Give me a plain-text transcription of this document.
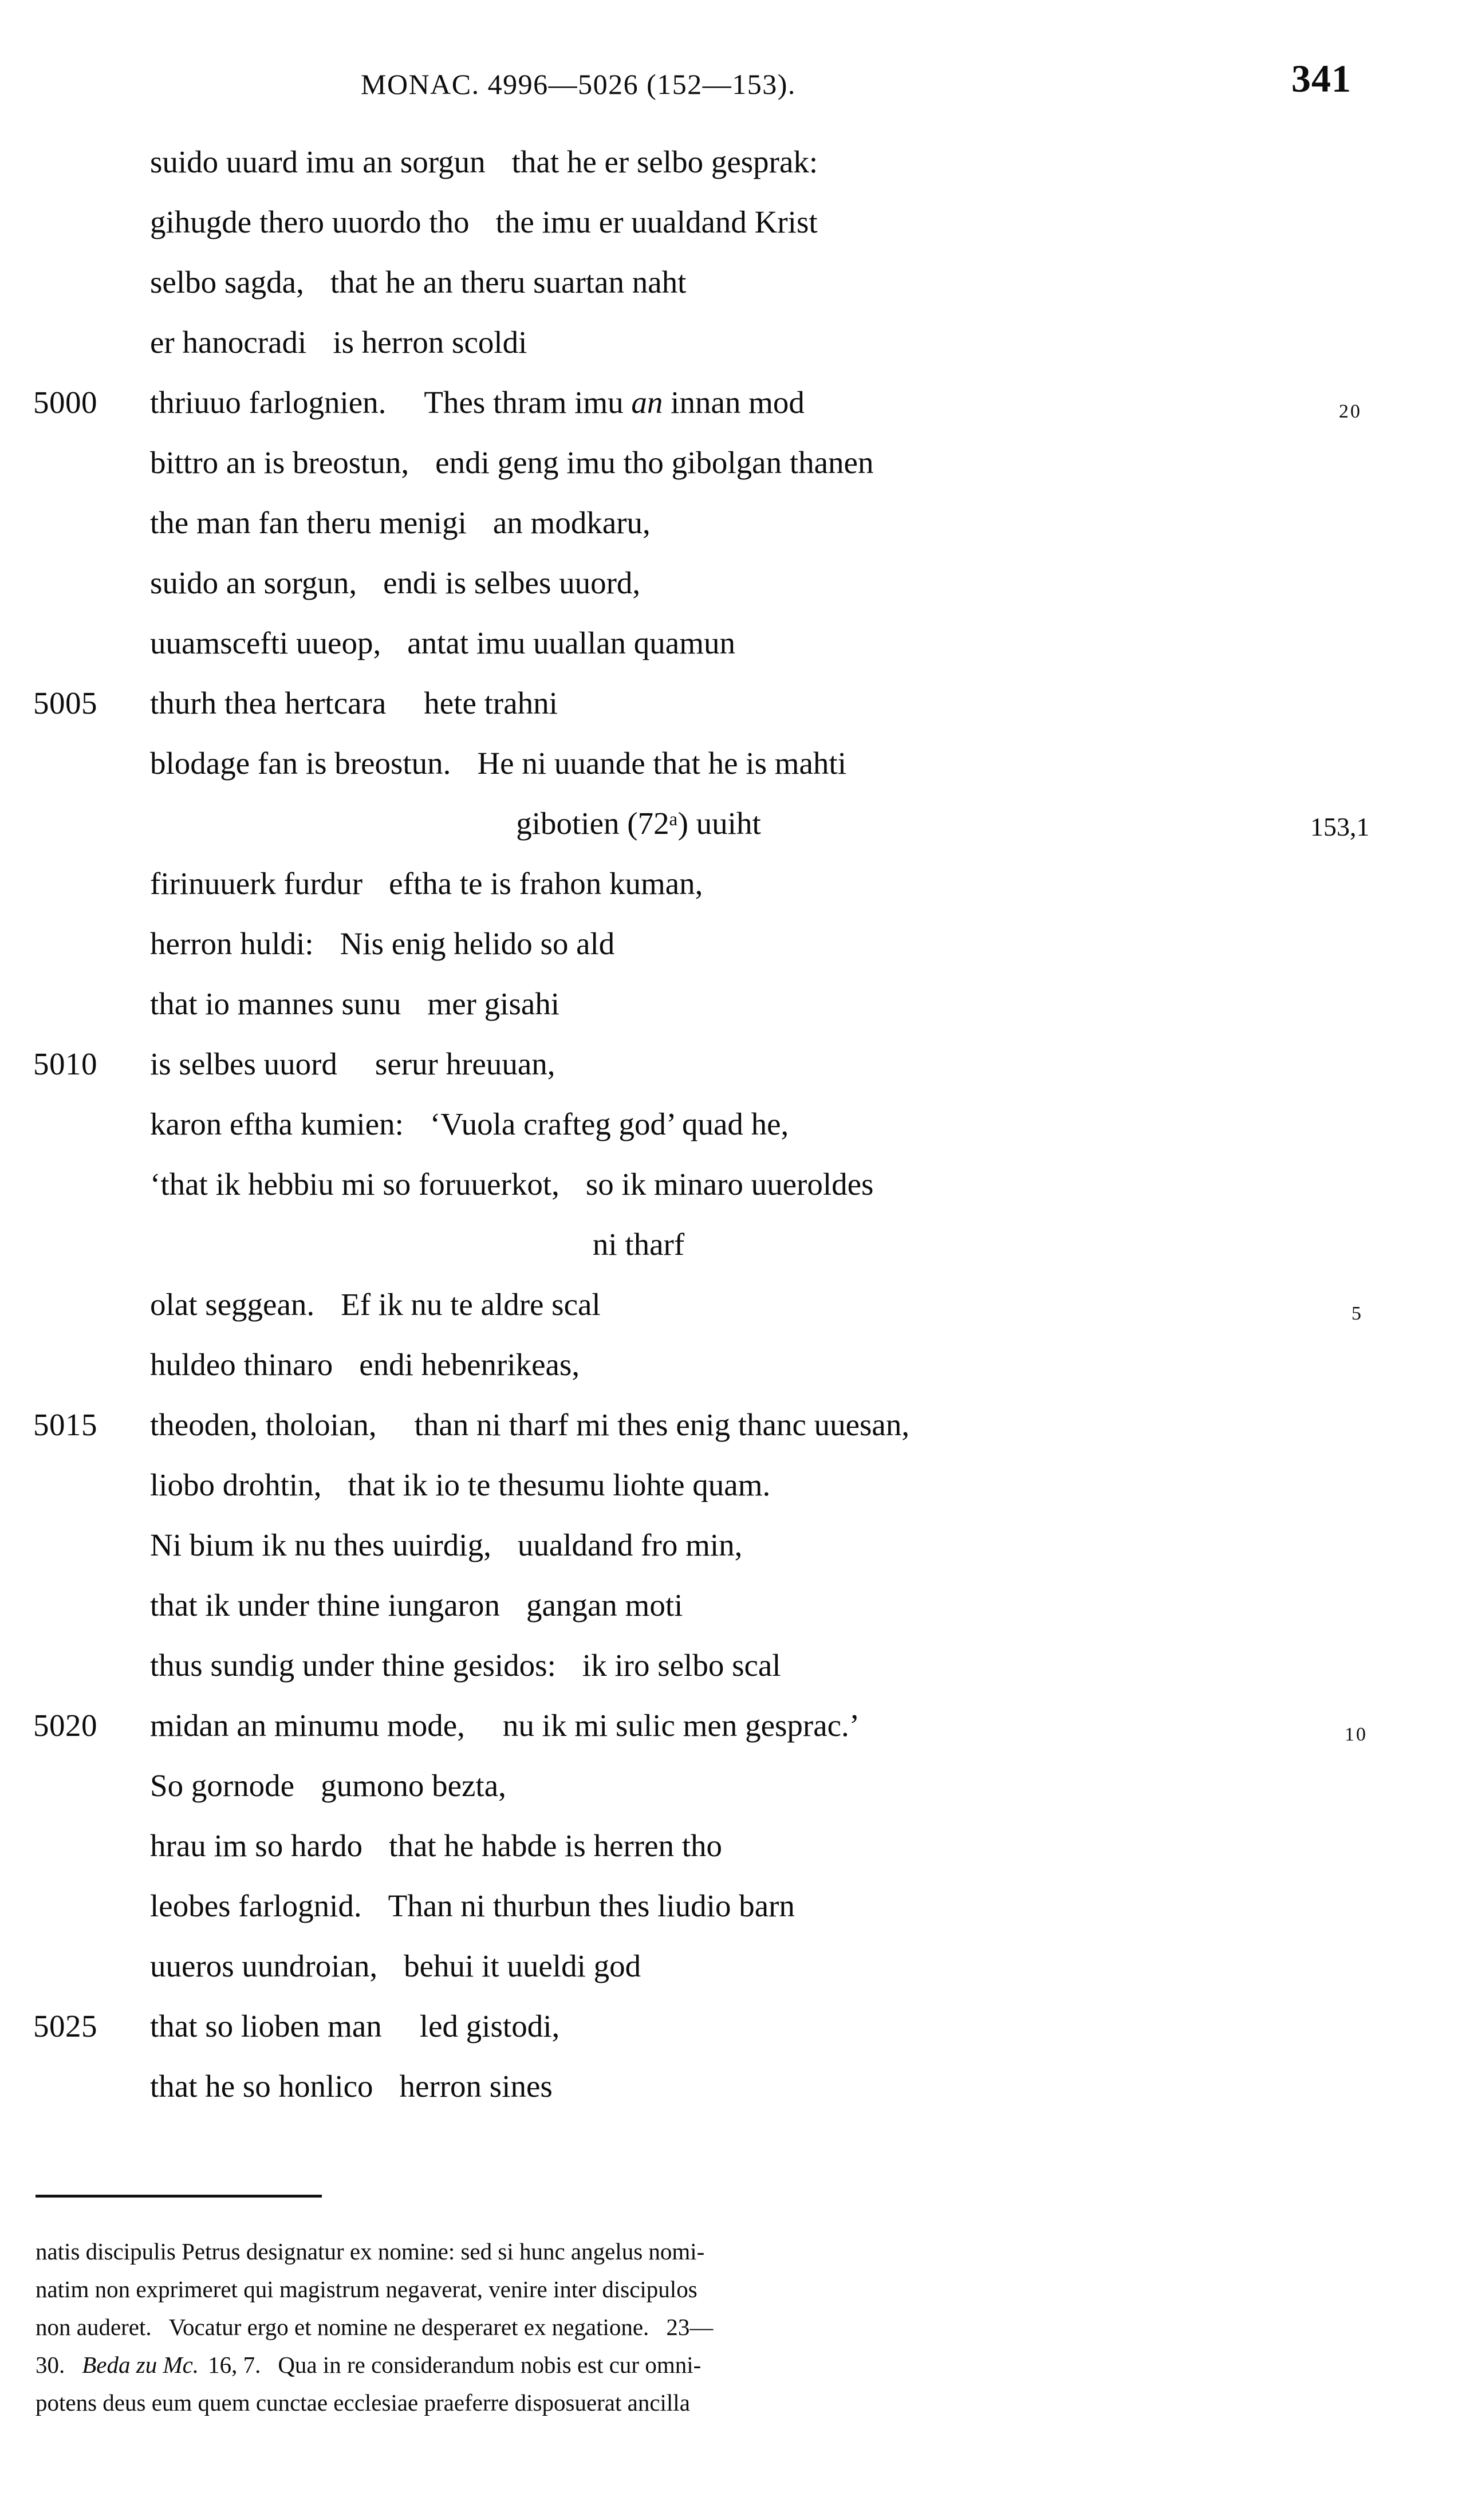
MONAC. 4996—5026 (152—153).	341
suido uuard imu an sorgun that he er selbo gesprak:
gihugde thero uuordo tho the imu er uualdand Krist
selbo sagda, that he an theru suartan naht
er hanocradi is herron scoldi
5000	thriuuo farlognien. Thes thram imu an innan mod	20
bittro an is breostun, endi geng imu tho gibolgan thanen
the man fan theru menigi an modkaru,
suido an sorgun, endi is selbes uuord,
uuamscefti uueop, antat imu uuallan quamun
5005	thurh thea hertcara hete trahni
blodage fan is breostun. He ni uuande that he is mahti
gibotien (72ᵃ) uuiht	153,1
firinuuerk furdur eftha te is frahon kuman,
herron huldi: Nis enig helido so ald
that io mannes sunu mer gisahi
5010	is selbes uuord serur hreuuan,
karon eftha kumien: ‘Vuola crafteg god’ quad he,
‘that ik hebbiu mi so foruuerkot, so ik minaro uueroldes
ni tharf
olat seggean. Ef ik nu te aldre scal	5
huldeo thinaro endi hebenrikeas,
5015	theoden, tholoian, than ni tharf mi thes enig thanc uuesan,
liobo drohtin, that ik io te thesumu liohte quam.
Ni bium ik nu thes uuirdig, uualdand fro min,
that ik under thine iungaron gangan moti
thus sundig under thine gesidos: ik iro selbo scal
5020	midan an minumu mode, nu ik mi sulic men gesprac.’	10
So gornode gumono bezta,
hrau im so hardo that he habde is herren tho
leobes farlognid. Than ni thurbun thes liudio barn
uueros uundroian, behui it uueldi god
5025	that so lioben man led gistodi,
that he so honlico herron sines
natis discipulis Petrus designatur ex nomine: sed si hunc angelus nomi-
natim non exprimeret qui magistrum negaverat, venire inter discipulos
non auderet. Vocatur ergo et nomine ne desperaret ex negatione. 23—
30. Beda zu Mc. 16, 7. Qua in re considerandum nobis est cur omni-
potens deus eum quem cunctae ecclesiae praeferre disposuerat ancilla
